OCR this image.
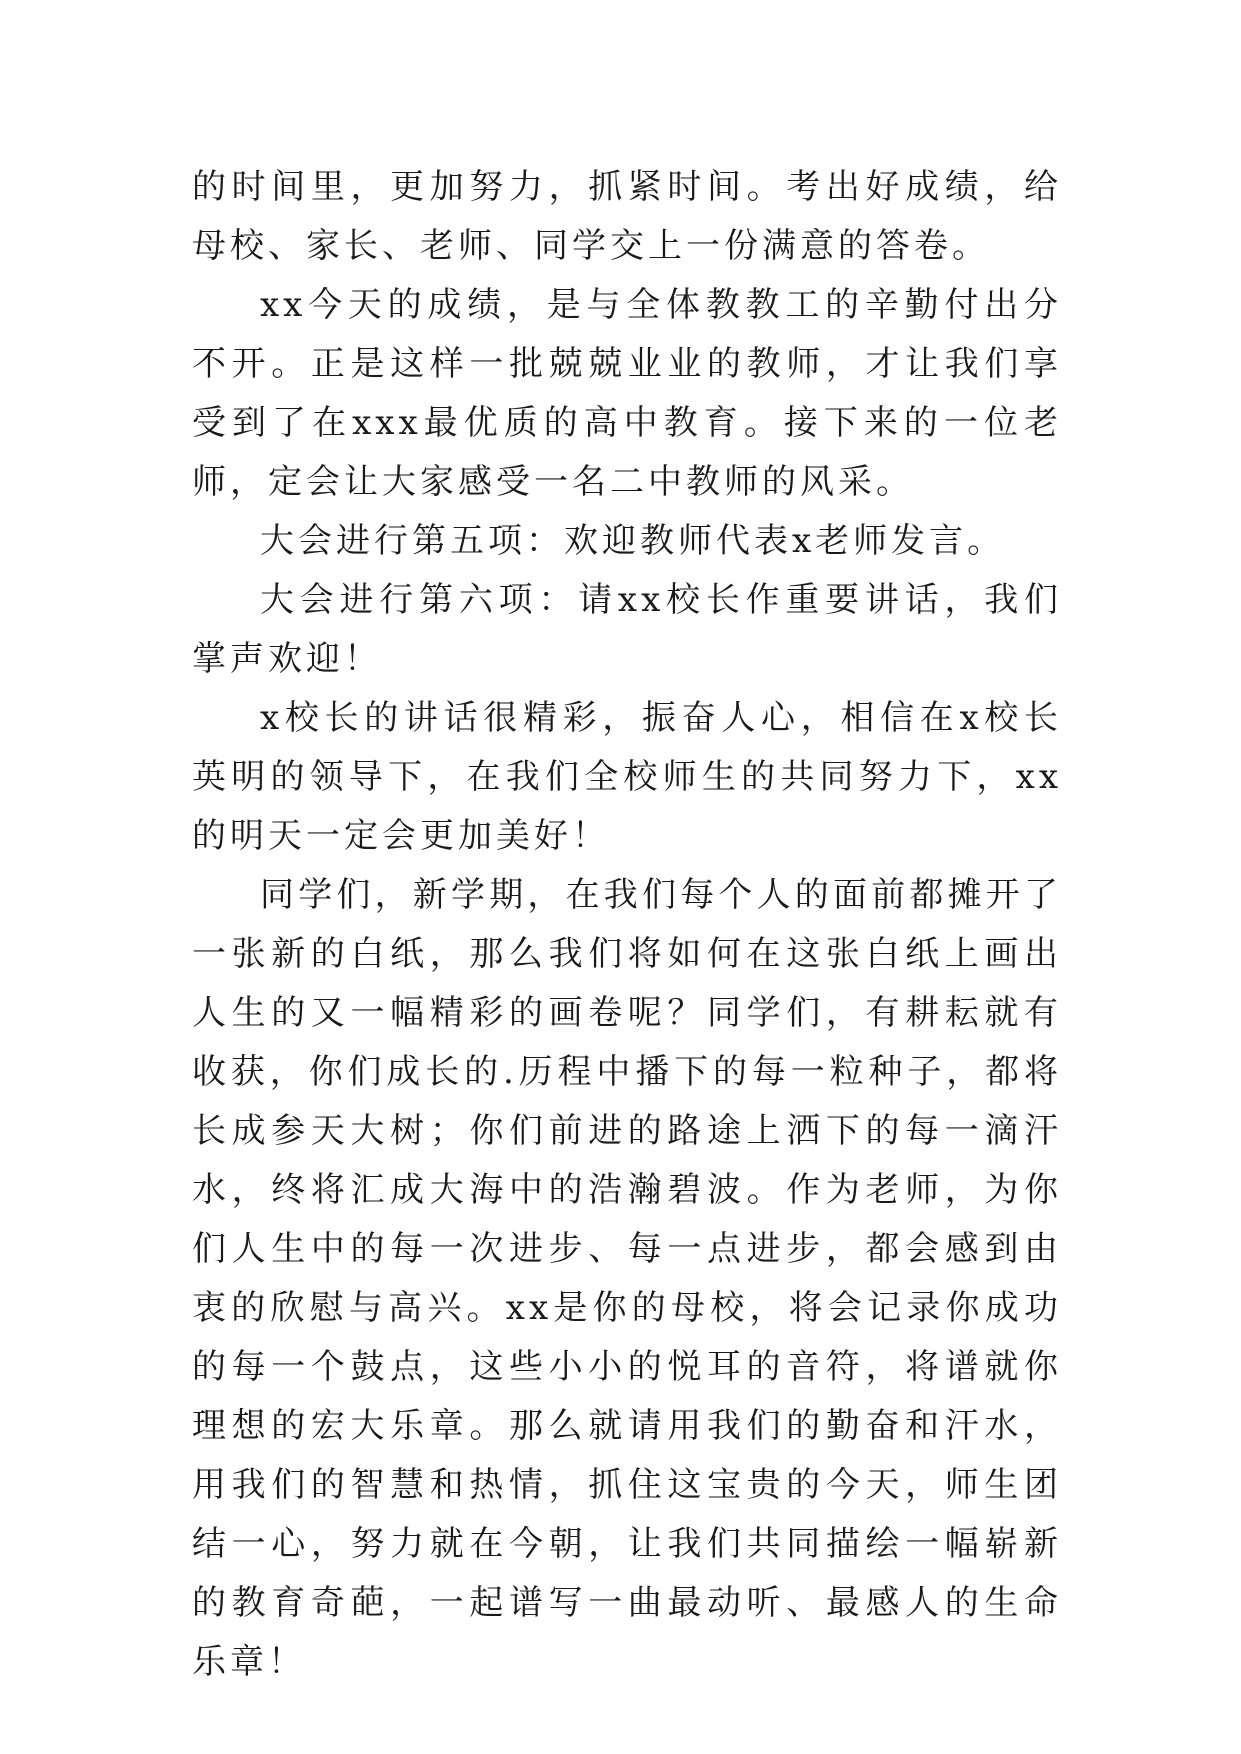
的时间里，更加努力，抓紧时间。考出好成绩，给母校、家长、老师、同学交上一份满意的答卷。

xx今天的成绩，是与全体教教工的辛勤付出分不开。正是这样一批兢兢业业的教师，才让我们享受到了在xxx最优质的高中教育。接下来的一位老师，定会让大家感受一名二中教师的风采。

大会进行第五项：欢迎教师代表x老师发言。

大会进行第六项：请xx校长作重要讲话，我们掌声欢迎！

x校长的讲话很精彩，振奋人心，相信在x校长英明的领导下，在我们全校师生的共同努力下，xx的明天一定会更加美好！

同学们，新学期，在我们每个人的面前都摊开了一张新的白纸，那么我们将如何在这张白纸上画出人生的又一幅精彩的画卷呢？同学们，有耕耘就有收获，你们成长的.历程中播下的每一粒种子，都将长成参天大树；你们前进的路途上洒下的每一滴汗水，终将汇成大海中的浩瀚碧波。作为老师，为你们人生中的每一次进步、每一点进步，都会感到由衷的欣慰与高兴。xx是你的母校，将会记录你成功的每一个鼓点，这些小小的悦耳的音符，将谱就你理想的宏大乐章。那么就请用我们的勤奋和汗水，用我们的智慧和热情，抓住这宝贵的今天，师生团结一心，努力就在今朝，让我们共同描绘一幅崭新的教育奇葩，一起谱写一曲最动听、最感人的生命乐章！
